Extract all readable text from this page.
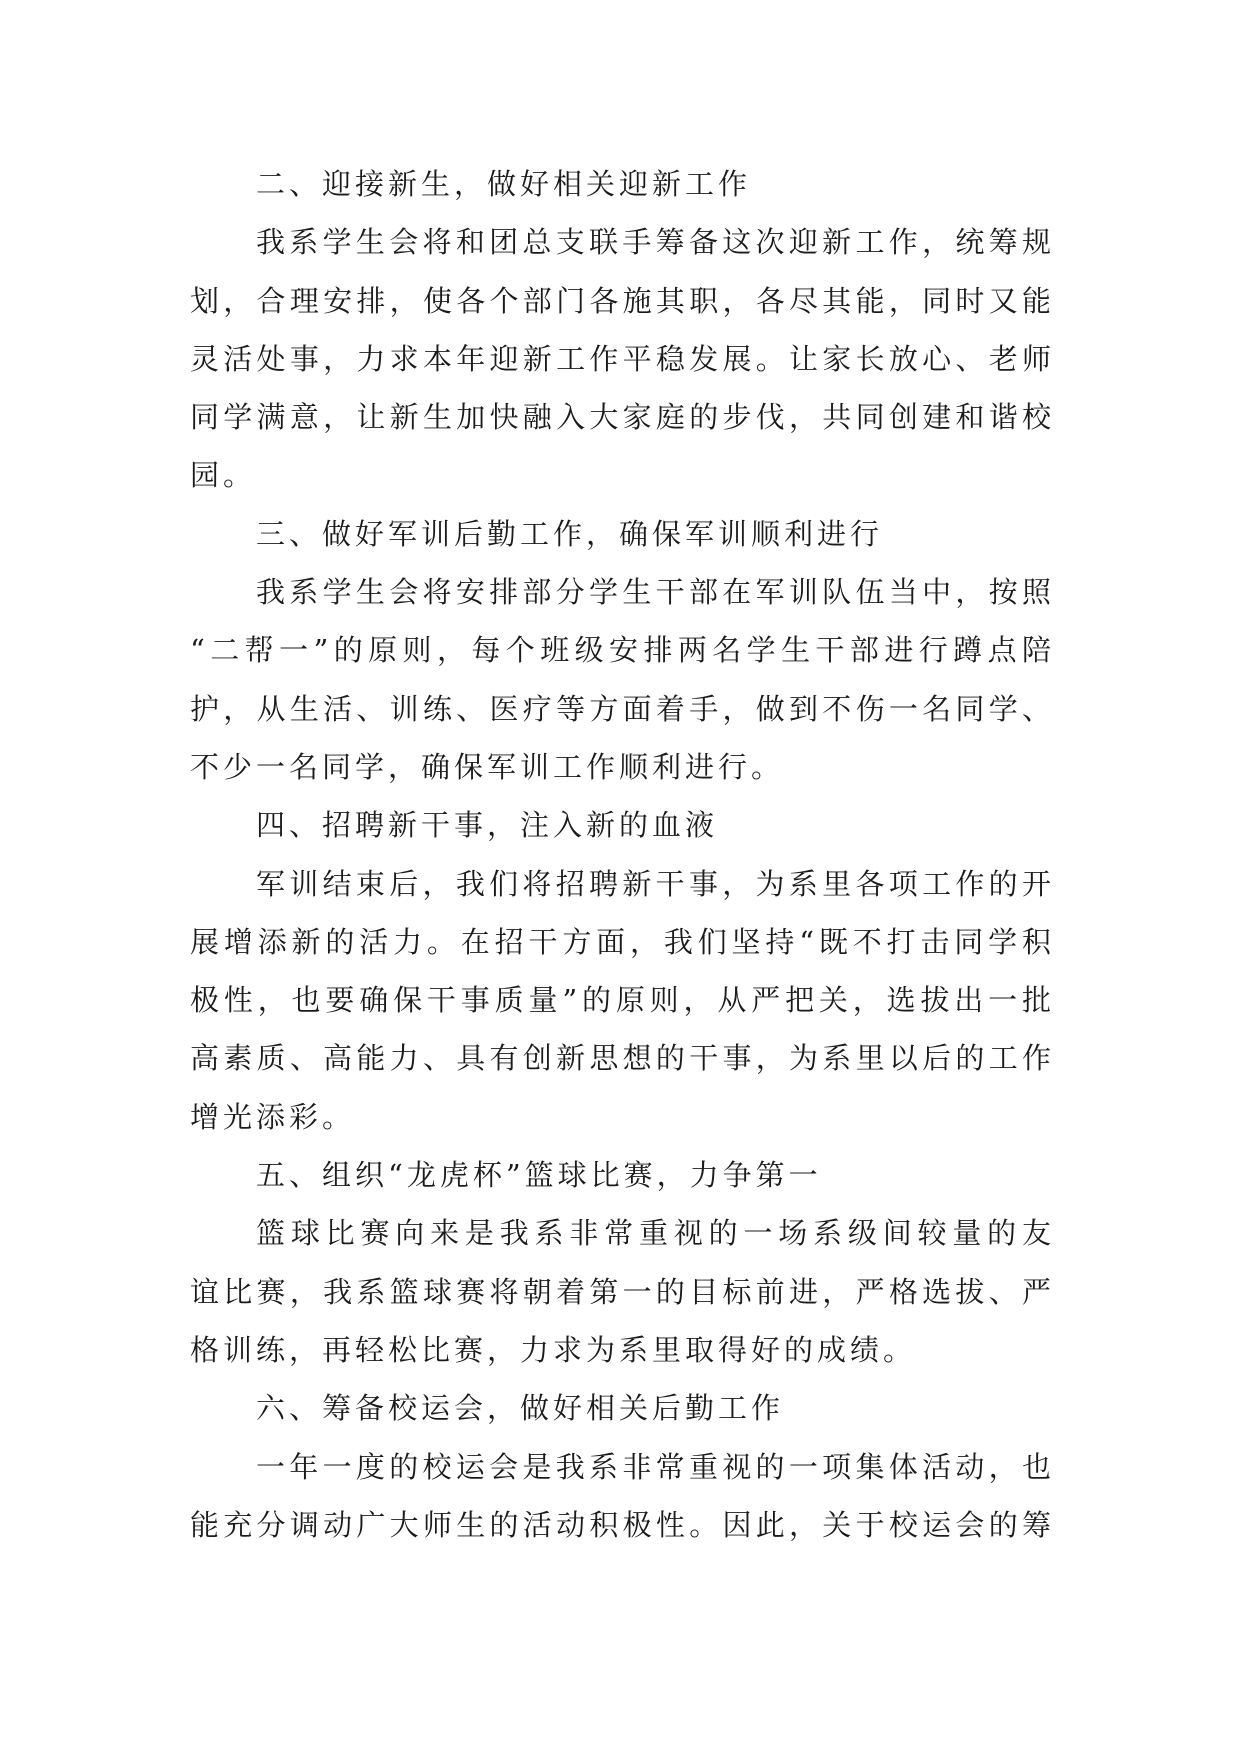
二、迎接新生，做好相关迎新工作
我系学生会将和团总支联手筹备这次迎新工作，统筹规
划，合理安排，使各个部门各施其职，各尽其能，同时又能
灵活处事，力求本年迎新工作平稳发展。让家长放心、老师
同学满意，让新生加快融入大家庭的步伐，共同创建和谐校
园。
三、做好军训后勤工作，确保军训顺利进行
我系学生会将安排部分学生干部在军训队伍当中，按照
“二帮一”的原则，每个班级安排两名学生干部进行蹲点陪
护，从生活、训练、医疗等方面着手，做到不伤一名同学、
不少一名同学，确保军训工作顺利进行。
四、招聘新干事，注入新的血液
军训结束后，我们将招聘新干事，为系里各项工作的开
展增添新的活力。在招干方面，我们坚持“既不打击同学积
极性，也要确保干事质量”的原则，从严把关，选拔出一批
高素质、高能力、具有创新思想的干事，为系里以后的工作
增光添彩。
五、组织“龙虎杯”篮球比赛，力争第一
篮球比赛向来是我系非常重视的一场系级间较量的友
谊比赛，我系篮球赛将朝着第一的目标前进，严格选拔、严
格训练，再轻松比赛，力求为系里取得好的成绩。
六、筹备校运会，做好相关后勤工作
一年一度的校运会是我系非常重视的一项集体活动，也
能充分调动广大师生的活动积极性。因此，关于校运会的筹
